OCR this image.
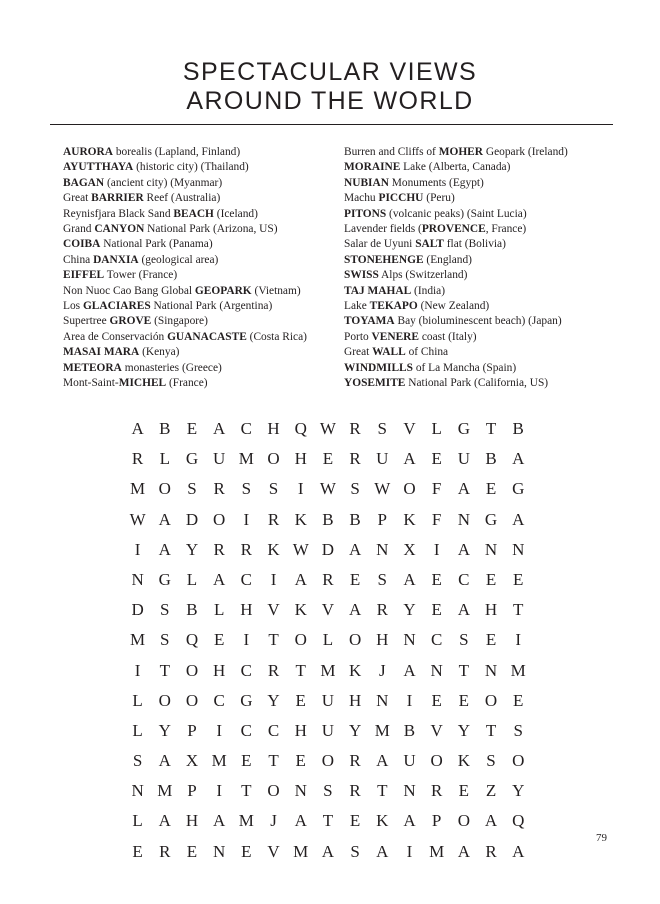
SPECTACULAR VIEWS
AROUND THE WORLD
AURORA borealis (Lapland, Finland)
AYUTTHAYA (historic city) (Thailand)
BAGAN (ancient city) (Myanmar)
Great BARRIER Reef (Australia)
Reynisfjara Black Sand BEACH (Iceland)
Grand CANYON National Park (Arizona, US)
COIBA National Park (Panama)
China DANXIA (geological area)
EIFFEL Tower (France)
Non Nuoc Cao Bang Global GEOPARK (Vietnam)
Los GLACIARES National Park (Argentina)
Supertree GROVE (Singapore)
Area de Conservación GUANACASTE (Costa Rica)
MASAI MARA (Kenya)
METEORA monasteries (Greece)
Mont-Saint-MICHEL (France)
Burren and Cliffs of MOHER Geopark (Ireland)
MORAINE Lake (Alberta, Canada)
NUBIAN Monuments (Egypt)
Machu PICCHU (Peru)
PITONS (volcanic peaks) (Saint Lucia)
Lavender fields (PROVENCE, France)
Salar de Uyuni SALT flat (Bolivia)
STONEHENGE (England)
SWISS Alps (Switzerland)
TAJ MAHAL (India)
Lake TEKAPO (New Zealand)
TOYAMA Bay (bioluminescent beach) (Japan)
Porto VENERE coast (Italy)
Great WALL of China
WINDMILLS of La Mancha (Spain)
YOSEMITE National Park (California, US)
A B E A C H Q W R S V L G T B
R L G U M O H E R U A E U B A
M O S R S	S	I W S W O F A E G
W A D O	I	R K B B P K F N G A
I	A Y R R K W D A N X	I	A N N
N G L A C	I	A R E	S A E C E E
D S B L H V K V A R Y E A H T
M S Q E	I	T O L O H N C S	E	I
I	T O H C R T M K	J	A N T N M
L O O C G Y E U H N	I	E E O E
L Y P	I	C C H U Y M B V Y T	S
S A X M E T E O R A U O K S O
N M P	I	T O N S R T N R E Z Y
L A H A M J	A T E K A P O A Q
E R E N E V M A S A	I M A R A
79
